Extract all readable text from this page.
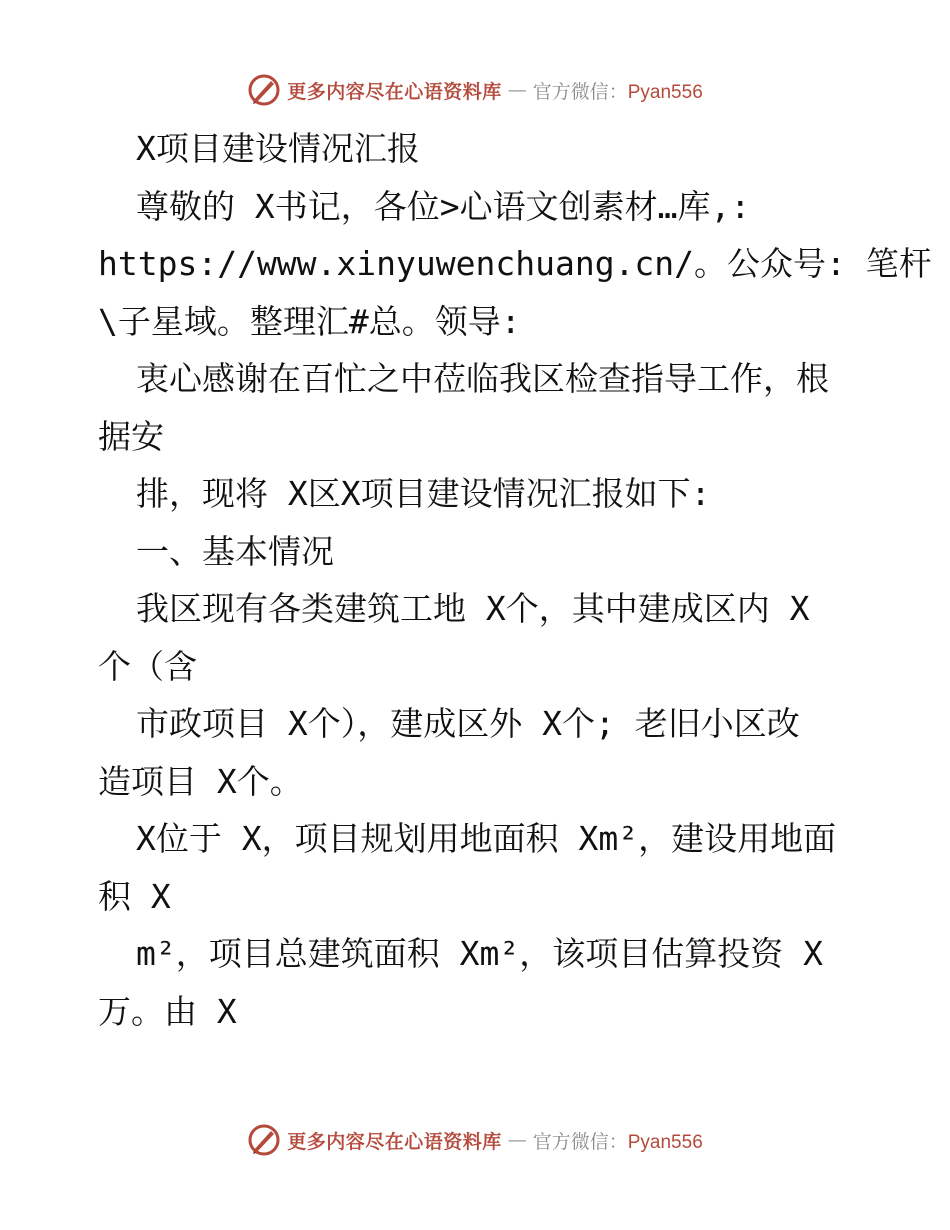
更多内容尽在心语资料库 — 官方微信：Pyan556
X项目建设情况汇报
尊敬的 X书记，各位>心语文创素材…库,:
https://www.xinyuwenchuang.cn/。公众号: 笔杆
\子星域。整理汇#总。领导:
衷心感谢在百忙之中莅临我区检查指导工作，根
据安
排，现将 X区X项目建设情况汇报如下:
一、基本情况
我区现有各类建筑工地 X个，其中建成区内 X
个（含
市政项目 X个），建成区外 X个; 老旧小区改
造项目 X个。
X位于 X，项目规划用地面积 Xm²，建设用地面
积 X
m²，项目总建筑面积 Xm²，该项目估算投资 X
万。由 X
更多内容尽在心语资料库 — 官方微信：Pyan556
